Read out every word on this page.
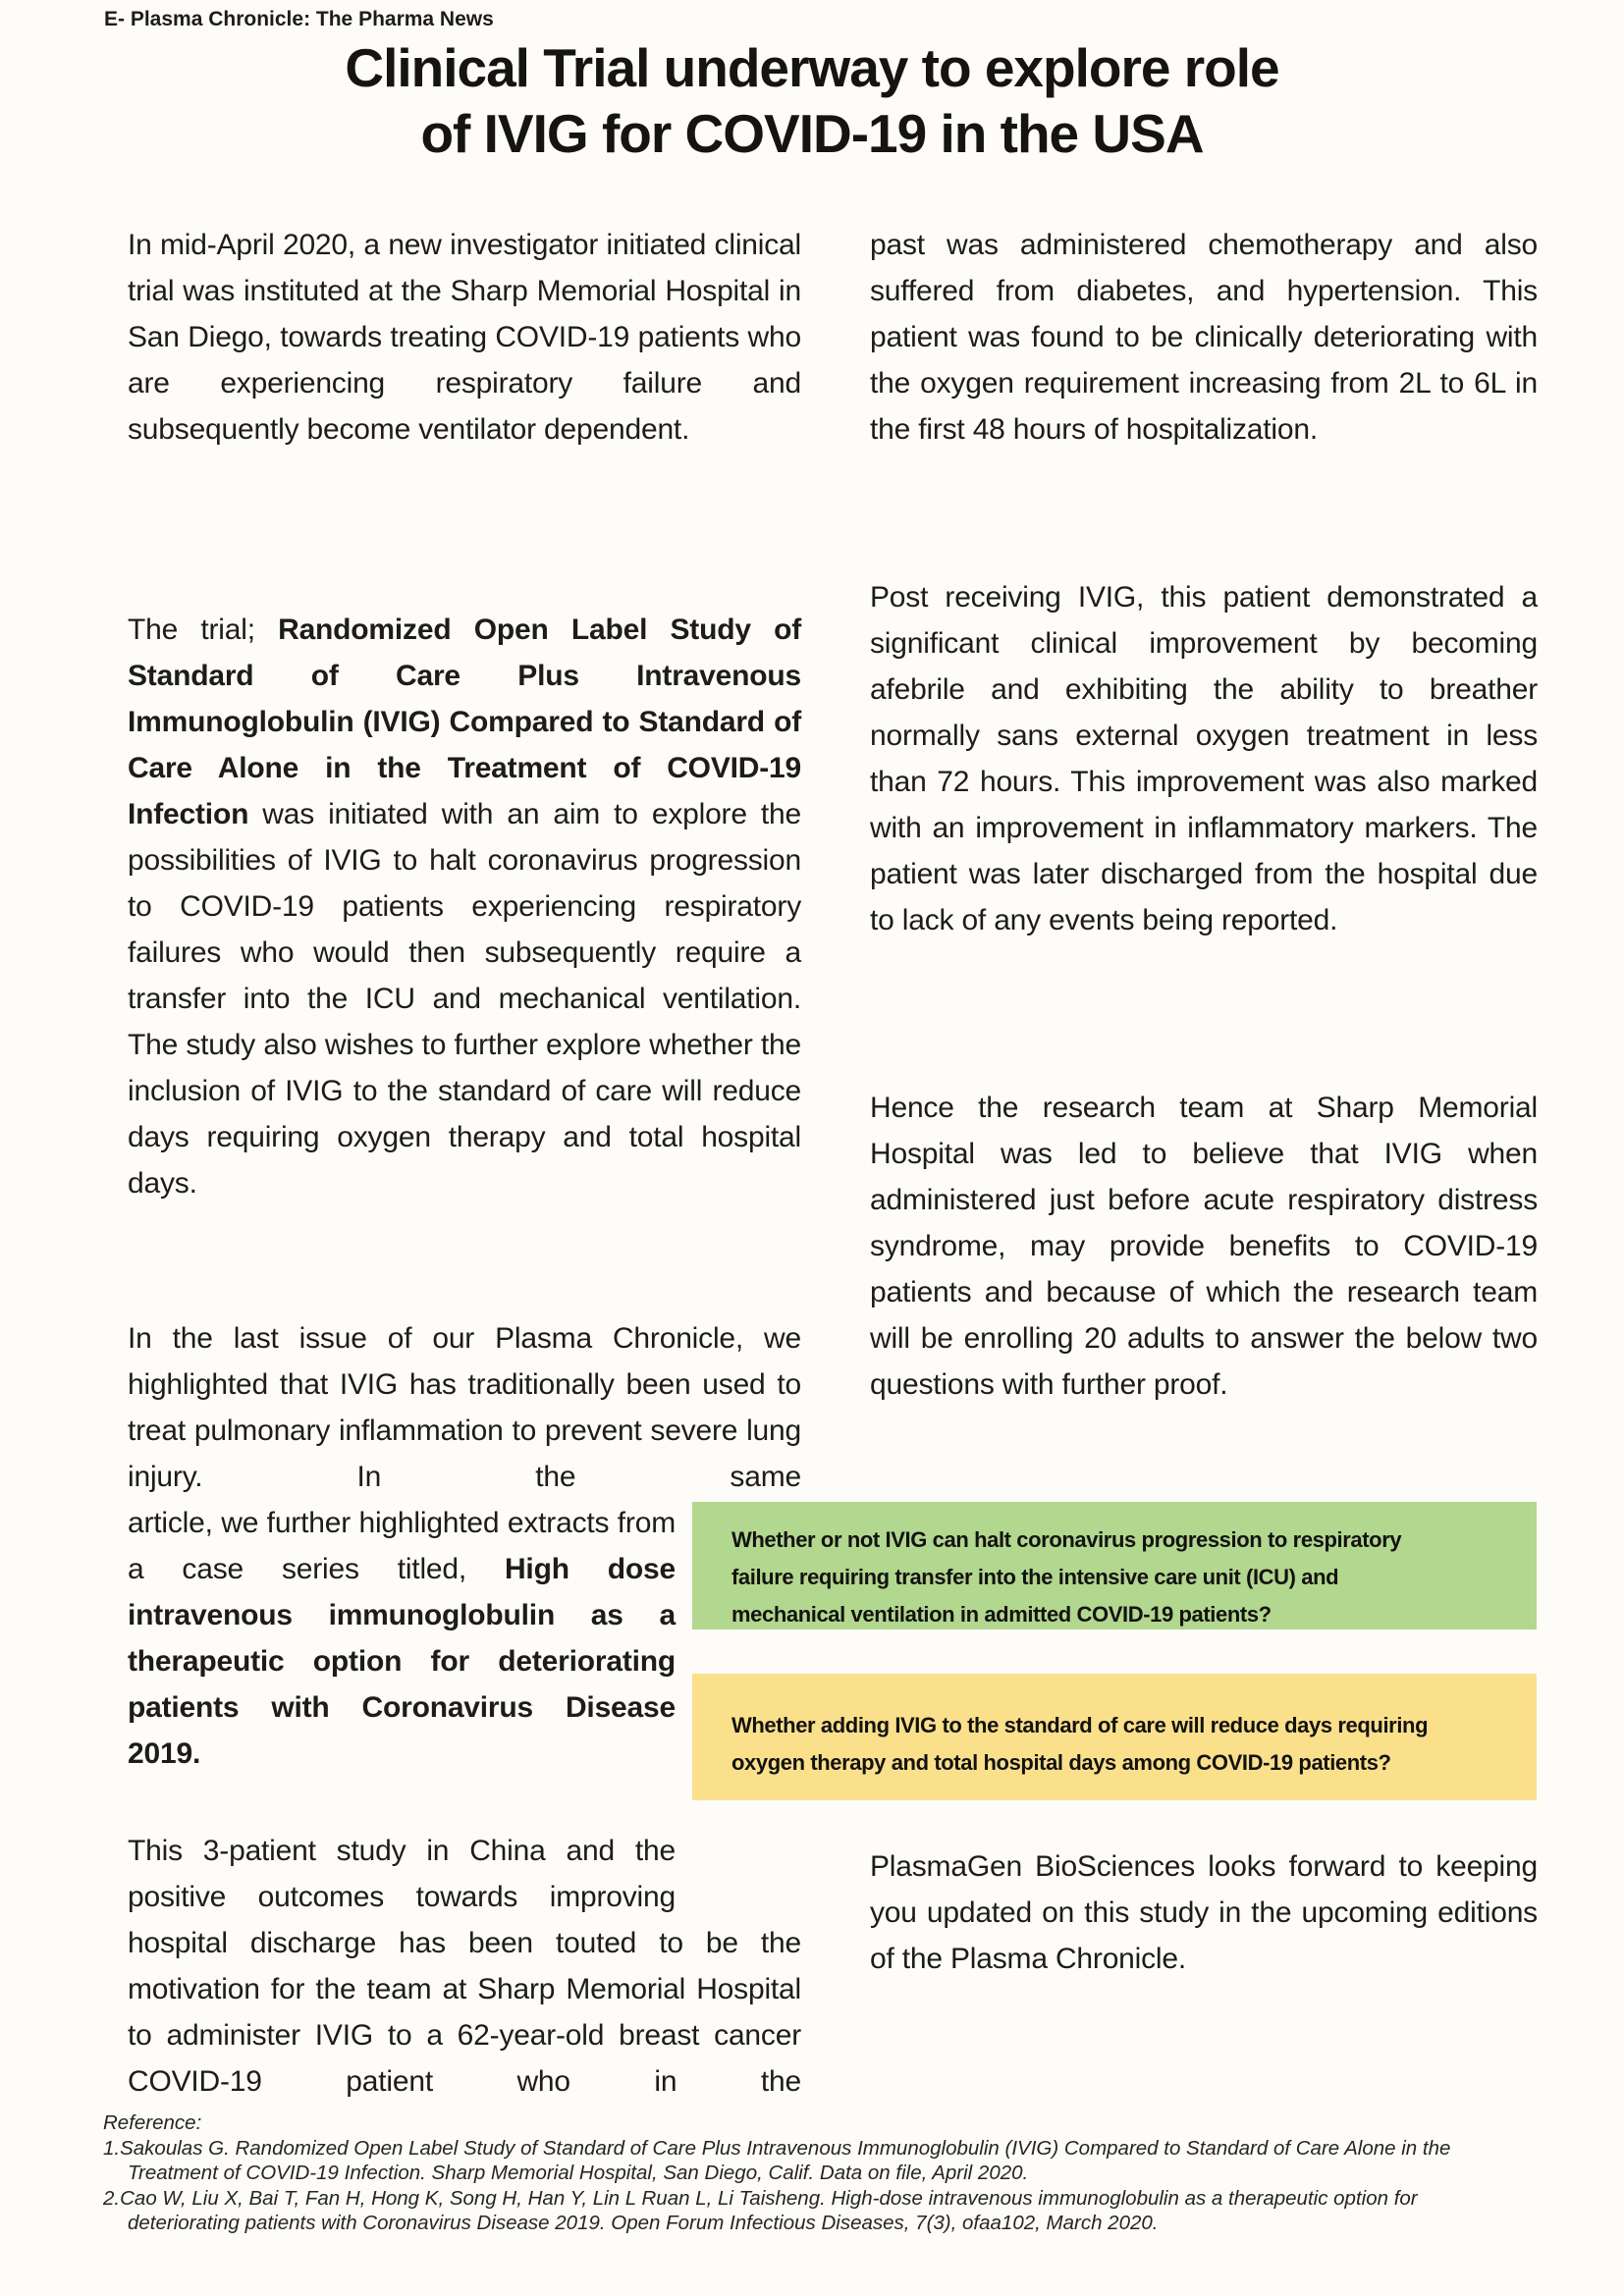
E- Plasma Chronicle: The Pharma News
Clinical Trial underway to explore role
of IVIG for COVID-19 in the USA

In mid-April 2020, a new investigator initiated clinical trial was instituted at the Sharp Memorial Hospital in San Diego, towards treating COVID-19 patients who are experiencing respiratory failure and subsequently become ventilator dependent.

The trial; Randomized Open Label Study of Standard of Care Plus Intravenous Immunoglobulin (IVIG) Compared to Standard of Care Alone in the Treatment of COVID-19 Infection was initiated with an aim to explore the possibilities of IVIG to halt coronavirus progression to COVID-19 patients experiencing respiratory failures who would then subsequently require a transfer into the ICU and mechanical ventilation. The study also wishes to further explore whether the inclusion of IVIG to the standard of care will reduce days requiring oxygen therapy and total hospital days.

In the last issue of our Plasma Chronicle, we highlighted that IVIG has traditionally been used to treat pulmonary inflammation to prevent severe lung injury. In the same

article, we further highlighted extracts from a case series titled, High dose intravenous immunoglobulin as a therapeutic option for deteriorating patients with Coronavirus Disease 2019.

This 3-patient study in China and the positive outcomes towards improving

hospital discharge has been touted to be the motivation for the team at Sharp Memorial Hospital to administer IVIG to a 62-year-old breast cancer COVID-19 patient who in the

past was administered chemotherapy and also suffered from diabetes, and hypertension. This patient was found to be clinically deteriorating with the oxygen requirement increasing from 2L to 6L in the first 48 hours of hospitalization.

Post receiving IVIG, this patient demonstrated a significant clinical improvement by becoming afebrile and exhibiting the ability to breather normally sans external oxygen treatment in less than 72 hours. This improvement was also marked with an improvement in inflammatory markers. The patient was later discharged from the hospital due to lack of any events being reported.

Hence the research team at Sharp Memorial Hospital was led to believe that IVIG when administered just before acute respiratory distress syndrome, may provide benefits to COVID-19 patients and because of which the research team will be enrolling 20 adults to answer the below two questions with further proof.

PlasmaGen BioSciences looks forward to keeping you updated on this study in the upcoming editions of the Plasma Chronicle.

Whether or not IVIG can halt coronavirus progression to respiratory
failure requiring transfer into the intensive care unit (ICU) and
mechanical ventilation in admitted COVID-19 patients?
Whether adding IVIG to the standard of care will reduce days requiring
oxygen therapy and total hospital days among COVID-19 patients?
Reference:
1.Sakoulas G. Randomized Open Label Study of Standard of Care Plus Intravenous Immunoglobulin (IVIG) Compared to Standard of Care Alone in the Treatment of COVID-19 Infection. Sharp Memorial Hospital, San Diego, Calif. Data on file, April 2020.
2.Cao W, Liu X, Bai T, Fan H, Hong K, Song H, Han Y, Lin L Ruan L, Li Taisheng. High-dose intravenous immunoglobulin as a therapeutic option for deteriorating patients with Coronavirus Disease 2019. Open Forum Infectious Diseases, 7(3), ofaa102, March 2020.
